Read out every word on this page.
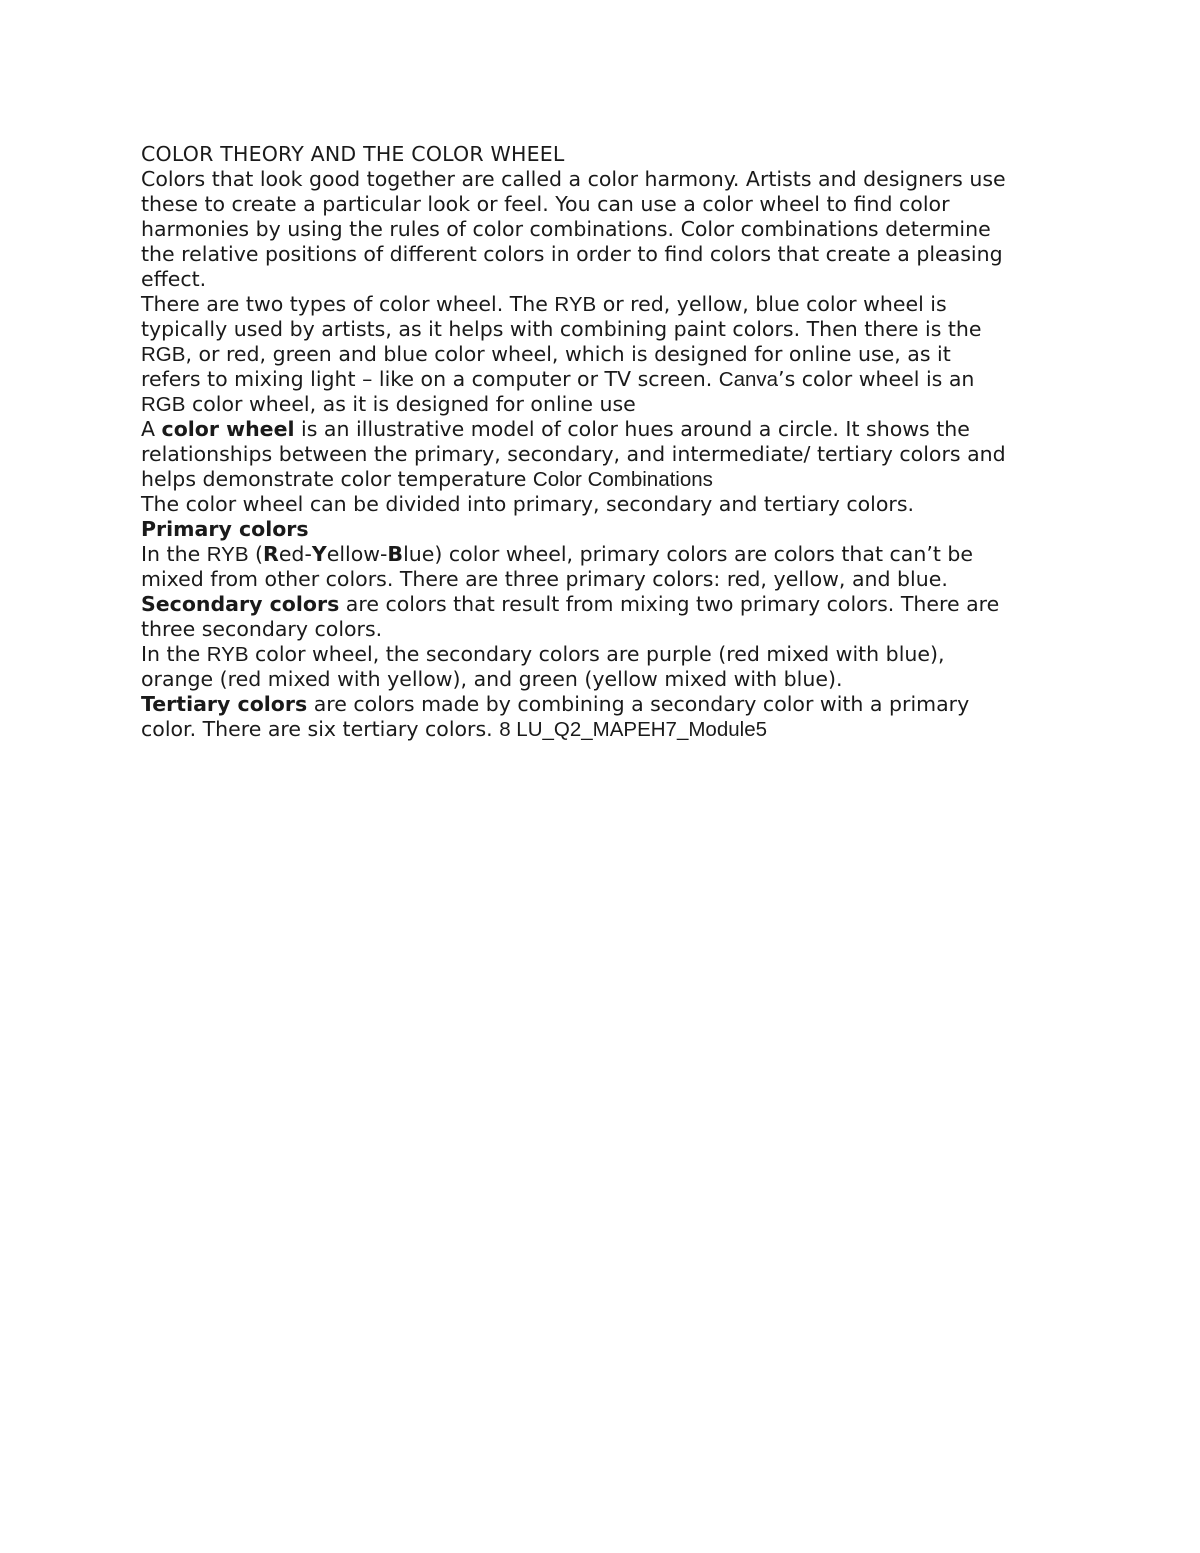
COLOR THEORY AND THE COLOR WHEEL
Colors that look good together are called a color harmony. Artists and designers use
these to create a particular look or feel. You can use a color wheel to find color
harmonies by using the rules of color combinations. Color combinations determine
the relative positions of different colors in order to find colors that create a pleasing
effect.
There are two types of color wheel. The RYB or red, yellow, blue color wheel is
typically used by artists, as it helps with combining paint colors. Then there is the
RGB, or red, green and blue color wheel, which is designed for online use, as it
refers to mixing light – like on a computer or TV screen. Canva’s color wheel is an
RGB color wheel, as it is designed for online use
A color wheel is an illustrative model of color hues around a circle. It shows the
relationships between the primary, secondary, and intermediate/ tertiary colors and
helps demonstrate color temperature Color Combinations
The color wheel can be divided into primary, secondary and tertiary colors.
Primary colors
In the RYB (Red-Yellow-Blue) color wheel, primary colors are colors that can’t be
mixed from other colors. There are three primary colors: red, yellow, and blue.
Secondary colors are colors that result from mixing two primary colors. There are
three secondary colors.
In the RYB color wheel, the secondary colors are purple (red mixed with blue),
orange (red mixed with yellow), and green (yellow mixed with blue).
Tertiary colors are colors made by combining a secondary color with a primary
color. There are six tertiary colors. 8 LU_Q2_MAPEH7_Module5
